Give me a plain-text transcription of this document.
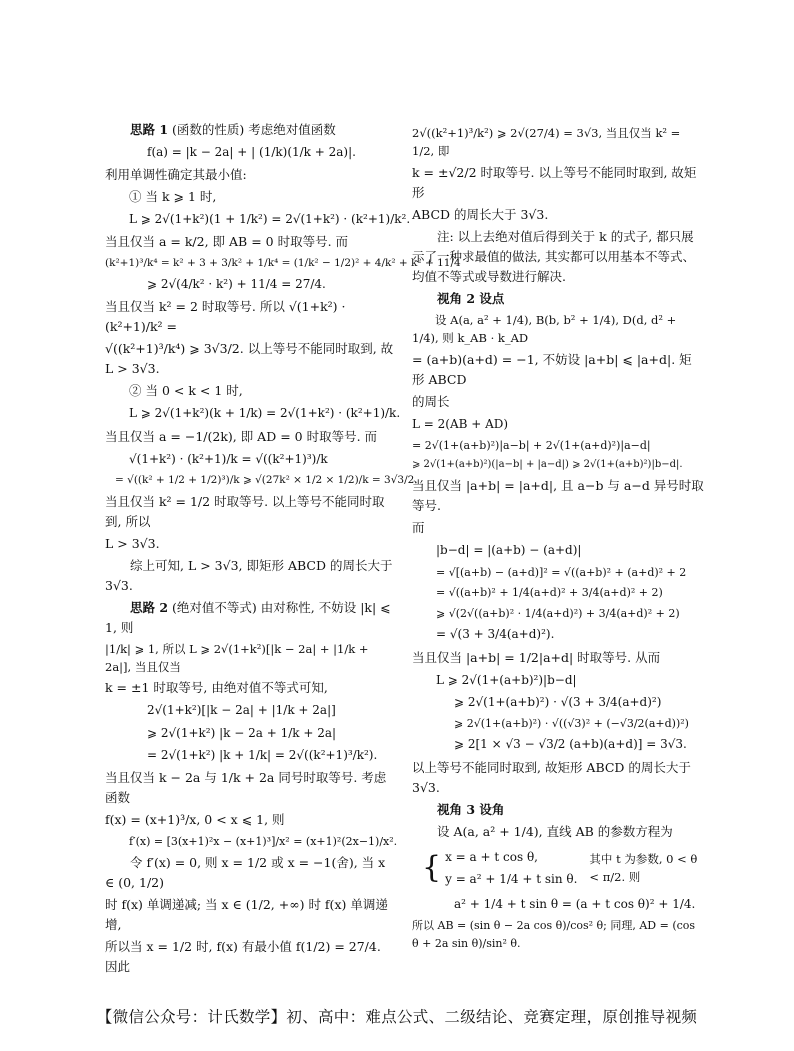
思路 1 (函数的性质) 考虑绝对值函数
f(a) = |k − 2a| + | (1/k)(1/k + 2a)|.
利用单调性确定其最小值:
① 当 k ⩾ 1 时,
L ⩾ 2√(1+k²)(1 + 1/k²) = 2√(1+k²) · (k²+1)/k².
当且仅当 a = k/2, 即 AB = 0 时取等号. 而
(k²+1)³/k⁴ = k² + 3 + 3/k² + 1/k⁴ = (1/k² − 1/2)² + 4/k² + k² + 11/4
⩾ 2√(4/k² · k²) + 11/4 = 27/4.
当且仅当 k² = 2 时取等号. 所以 √(1+k²) · (k²+1)/k² =
√((k²+1)³/k⁴) ⩾ 3√3/2. 以上等号不能同时取到, 故 L > 3√3.
② 当 0 < k < 1 时,
L ⩾ 2√(1+k²)(k + 1/k) = 2√(1+k²) · (k²+1)/k.
当且仅当 a = −1/(2k), 即 AD = 0 时取等号. 而
√(1+k²) · (k²+1)/k = √((k²+1)³)/k
= √((k² + 1/2 + 1/2)³)/k ⩾ √(27k² × 1/2 × 1/2)/k = 3√3/2.
当且仅当 k² = 1/2 时取等号. 以上等号不能同时取到, 所以
L > 3√3.
综上可知, L > 3√3, 即矩形 ABCD 的周长大于 3√3.
思路 2 (绝对值不等式) 由对称性, 不妨设 |k| ⩽ 1, 则
|1/k| ⩾ 1, 所以 L ⩾ 2√(1+k²)[|k − 2a| + |1/k + 2a|], 当且仅当
k = ±1 时取等号, 由绝对值不等式可知,
2√(1+k²)[|k − 2a| + |1/k + 2a|]
⩾ 2√(1+k²) |k − 2a + 1/k + 2a|
= 2√(1+k²) |k + 1/k| = 2√((k²+1)³/k²).
当且仅当 k − 2a 与 1/k + 2a 同号时取等号. 考虑函数
f(x) = (x+1)³/x, 0 < x ⩽ 1, 则
f′(x) = [3(x+1)²x − (x+1)³]/x² = (x+1)²(2x−1)/x².
令 f′(x) = 0, 则 x = 1/2 或 x = −1(舍), 当 x ∈ (0, 1/2)
时 f(x) 单调递减; 当 x ∈ (1/2, +∞) 时 f(x) 单调递增,
所以当 x = 1/2 时, f(x) 有最小值 f(1/2) = 27/4. 因此
2√((k²+1)³/k²) ⩾ 2√(27/4) = 3√3, 当且仅当 k² = 1/2, 即
k = ±√2/2 时取等号. 以上等号不能同时取到, 故矩形
ABCD 的周长大于 3√3.
注: 以上去绝对值后得到关于 k 的式子, 都只展示了一种求最值的做法, 其实都可以用基本不等式、均值不等式或导数进行解决.
视角 2 设点
设 A(a, a² + 1/4), B(b, b² + 1/4), D(d, d² + 1/4), 则 k_AB · k_AD
= (a+b)(a+d) = −1, 不妨设 |a+b| ⩽ |a+d|. 矩形 ABCD
的周长
L = 2(AB + AD)
= 2√(1+(a+b)²)|a−b| + 2√(1+(a+d)²)|a−d|
⩾ 2√(1+(a+b)²)(|a−b| + |a−d|) ⩾ 2√(1+(a+b)²)|b−d|.
当且仅当 |a+b| = |a+d|, 且 a−b 与 a−d 异号时取等号.
而
|b−d| = |(a+b) − (a+d)|
= √[(a+b) − (a+d)]² = √((a+b)² + (a+d)² + 2
= √((a+b)² + 1/4(a+d)² + 3/4(a+d)² + 2)
⩾ √(2√((a+b)² · 1/4(a+d)²) + 3/4(a+d)² + 2)
= √(3 + 3/4(a+d)²).
当且仅当 |a+b| = 1/2|a+d| 时取等号. 从而
L ⩾ 2√(1+(a+b)²)|b−d|
⩾ 2√(1+(a+b)²) · √(3 + 3/4(a+d)²)
⩾ 2√(1+(a+b)²) · √((√3)² + (−√3/2(a+d))²)
⩾ 2[1 × √3 − √3/2 (a+b)(a+d)] = 3√3.
以上等号不能同时取到, 故矩形 ABCD 的周长大于 3√3.
视角 3 设角
设 A(a, a² + 1/4), 直线 AB 的参数方程为
{ x = a + t cos θ,
y = a² + 1/4 + t sin θ.
其中 t 为参数, 0 < θ < π/2. 则
a² + 1/4 + t sin θ = (a + t cos θ)² + 1/4.
所以 AB = (sin θ − 2a cos θ)/cos² θ; 同理, AD = (cos θ + 2a sin θ)/sin² θ.
【微信公众号：计氏数学】初、高中：难点公式、二级结论、竞赛定理，原创推导视频
